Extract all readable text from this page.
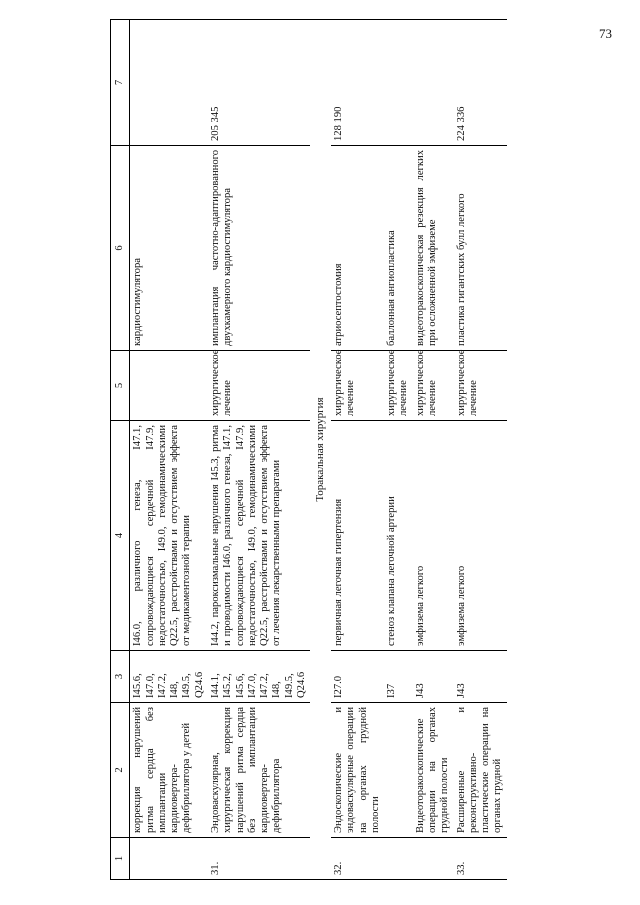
73
1	2	3	4	5	6	7
	коррекция нарушений ритма сердца без имплантации кардиовертера-дефибриллятора у детей	I45.6, I47.0, I47.2, I48, I49.5, Q24.6	I46.0, различного генеза, I47.1, сопровождающиеся сердечной I47.9, недостаточностью, I49.0, гемодинамическими Q22.5, расстройствами и отсутствием эффекта от медикаментозной терапии		кардиостимулятора	
31.	Эндоваскулярная, хирургическая коррекция нарушений ритма сердца без имплантации кардиовертера-дефибриллятора	I44.1, I45.2, I45.6, I47.0, I47.2, I48, I49.5, Q24.6	I44.2, пароксизмальные нарушения I45.3, ритма и проводимости I46.0, различного генеза, I47.1, сопровождающиеся сердечной I47.9, недостаточностью, I49.0, гемодинамическими Q22.5, расстройствами и отсутствием эффекта от лечения лекарственными препаратами	хирургическое лечение	имплантация частотно-адаптированного двухкамерного кардиостимулятора	205 345
Торакальная хирургия						
32.	Эндоскопические и эндоваскулярные операции на органах грудной полости	I27.0	первичная легочная гипертензия	хирургическое лечение	атриосептостомия	128 190
		I37	стеноз клапана легочной артерии	хирургическое лечение	баллонная ангиопластика	
	Видеоторакоскопические операции на органах грудной полости	J43	эмфизема легкого	хирургическое лечение	видеоторакоскопическая резекция легких при осложненной эмфиземе	
33.	Расширенные и реконструктивно-пластические операции на органах грудной	J43	эмфизема легкого	хирургическое лечение	пластика гигантских булл легкого	224 336
